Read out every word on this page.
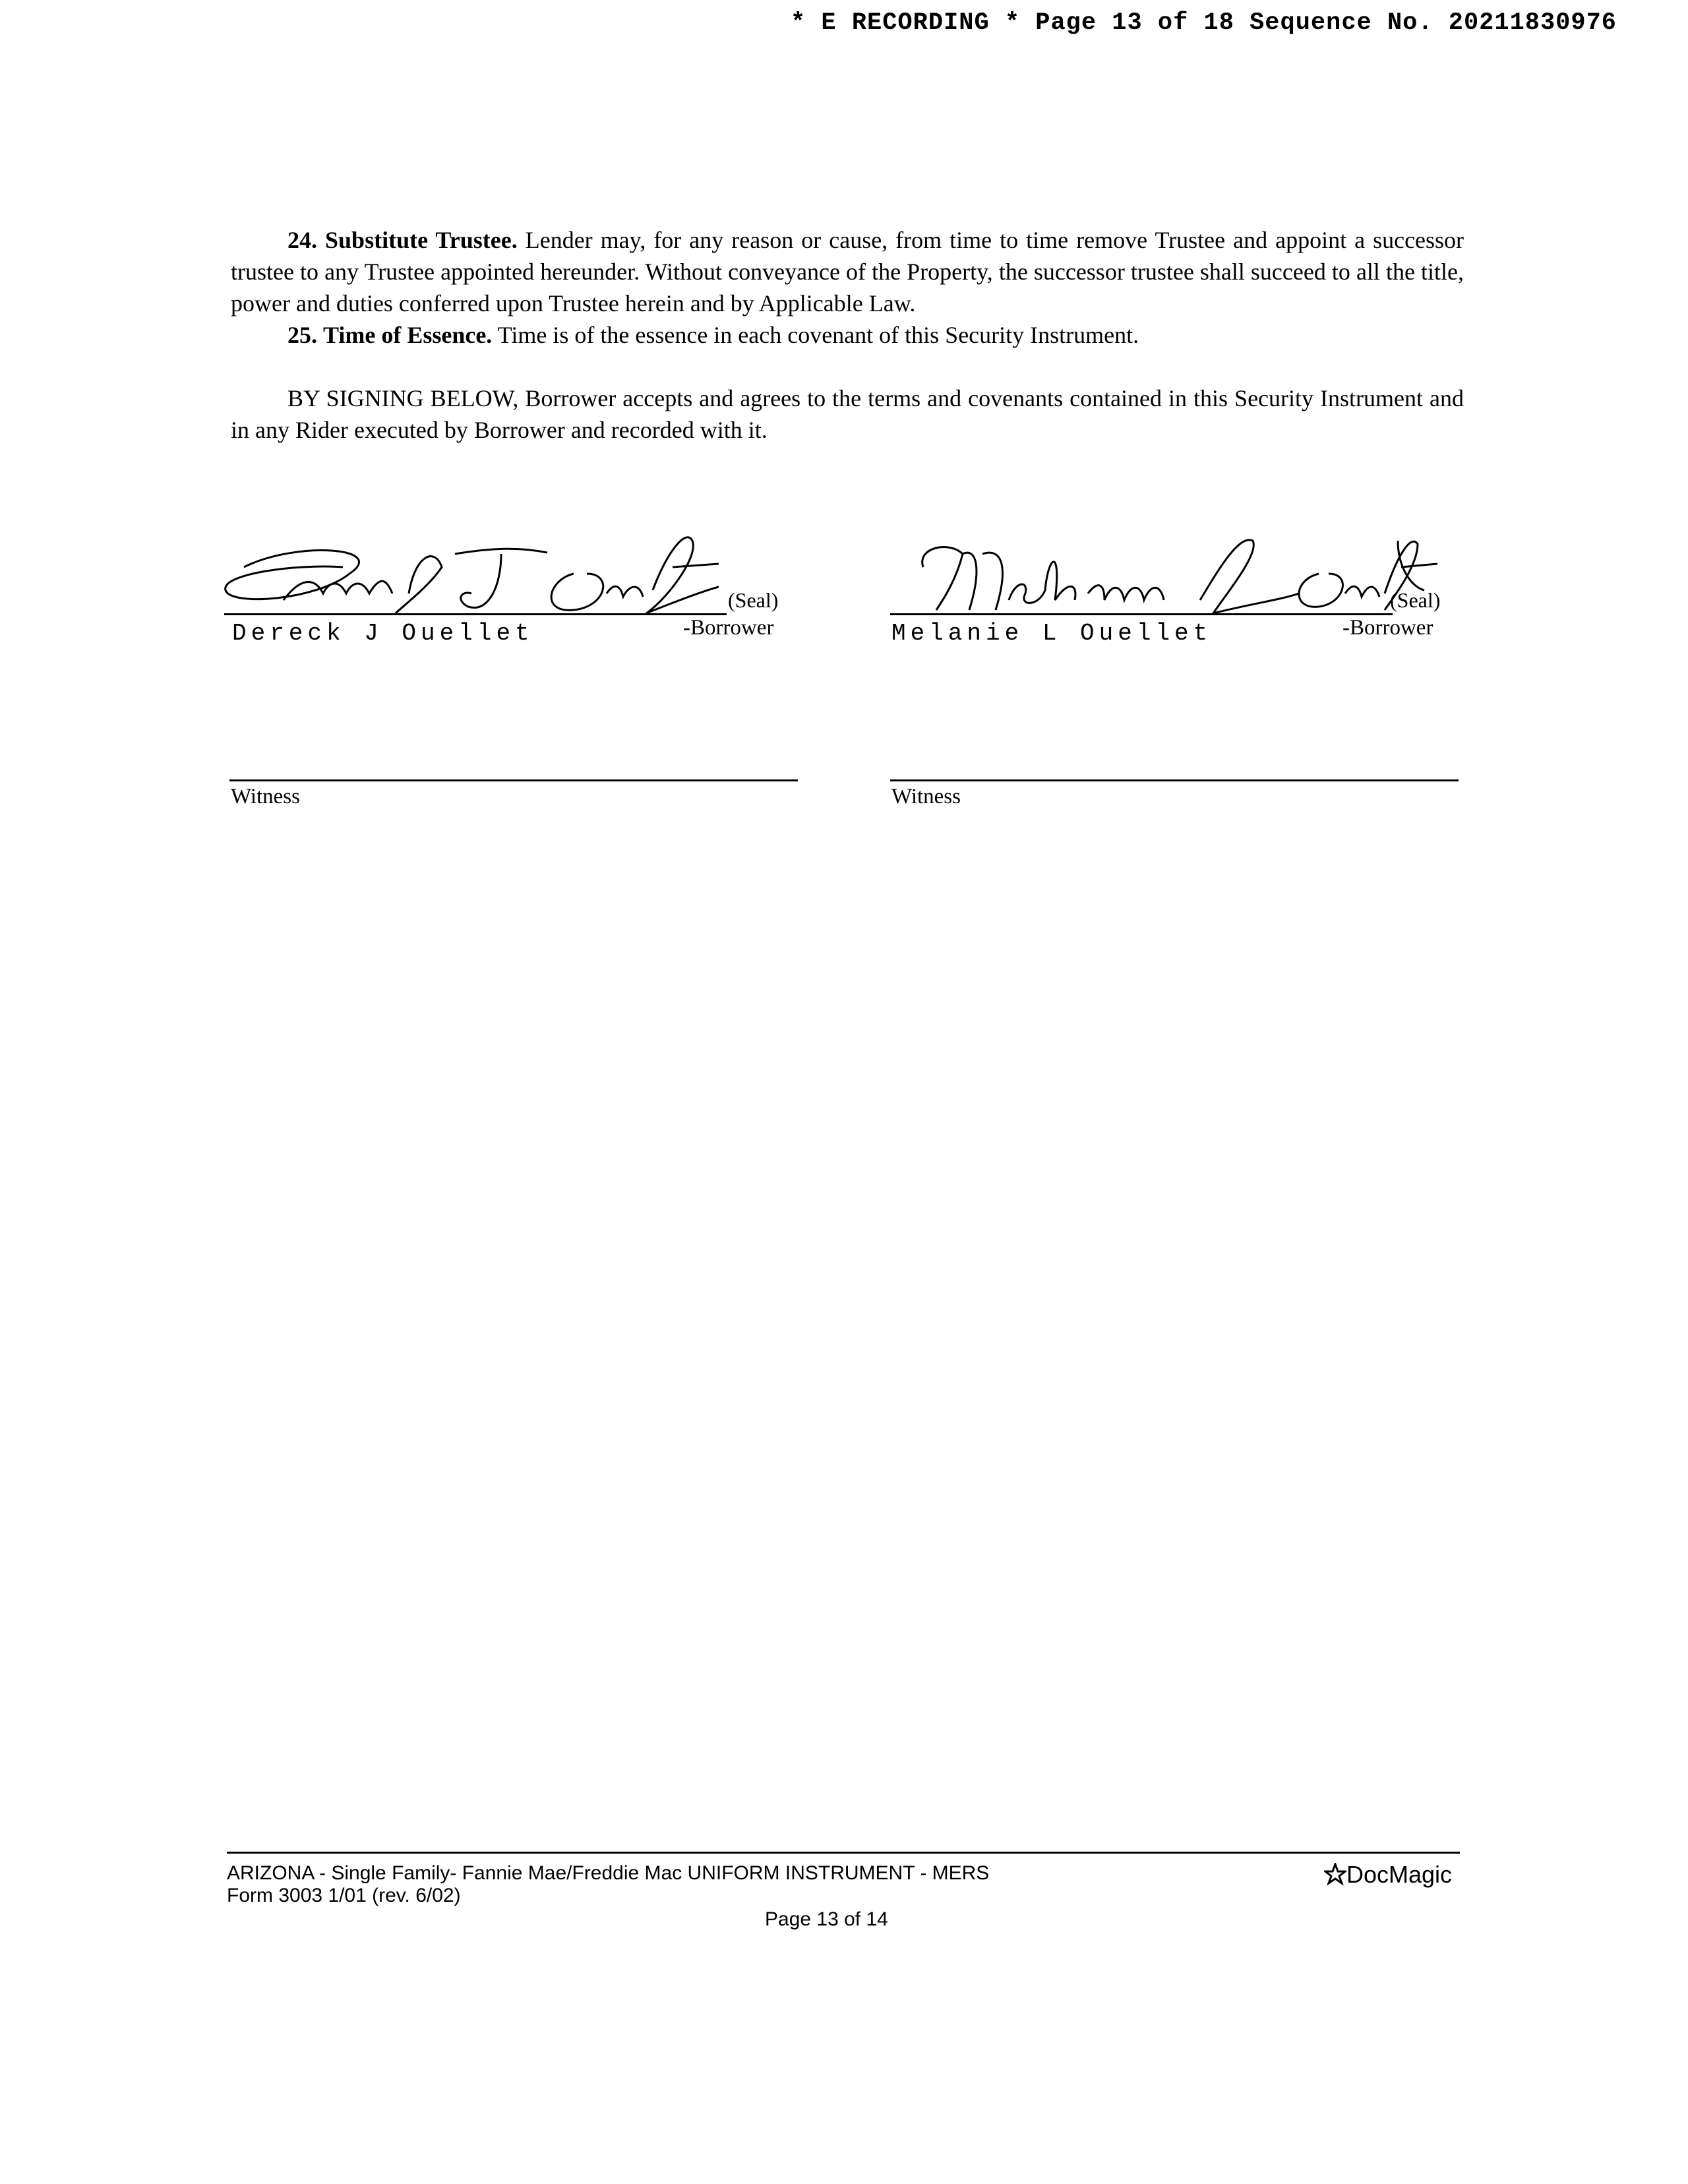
* E RECORDING * Page 13 of 18 Sequence No. 20211830976
24. Substitute Trustee. Lender may, for any reason or cause, from time to time remove Trustee and appoint a successor trustee to any Trustee appointed hereunder. Without conveyance of the Property, the successor trustee shall succeed to all the title, power and duties conferred upon Trustee herein and by Applicable Law.
25. Time of Essence. Time is of the essence in each covenant of this Security Instrument.
BY SIGNING BELOW, Borrower accepts and agrees to the terms and covenants contained in this Security Instrument and in any Rider executed by Borrower and recorded with it.
(Seal)
Dereck J Ouellet	-Borrower
(Seal)
Melanie L Ouellet	-Borrower
Witness	Witness
ARIZONA - Single Family- Fannie Mae/Freddie Mac UNIFORM INSTRUMENT - MERS
Form 3003 1/01 (rev. 6/02)
Page 13 of 14
DocMagic
